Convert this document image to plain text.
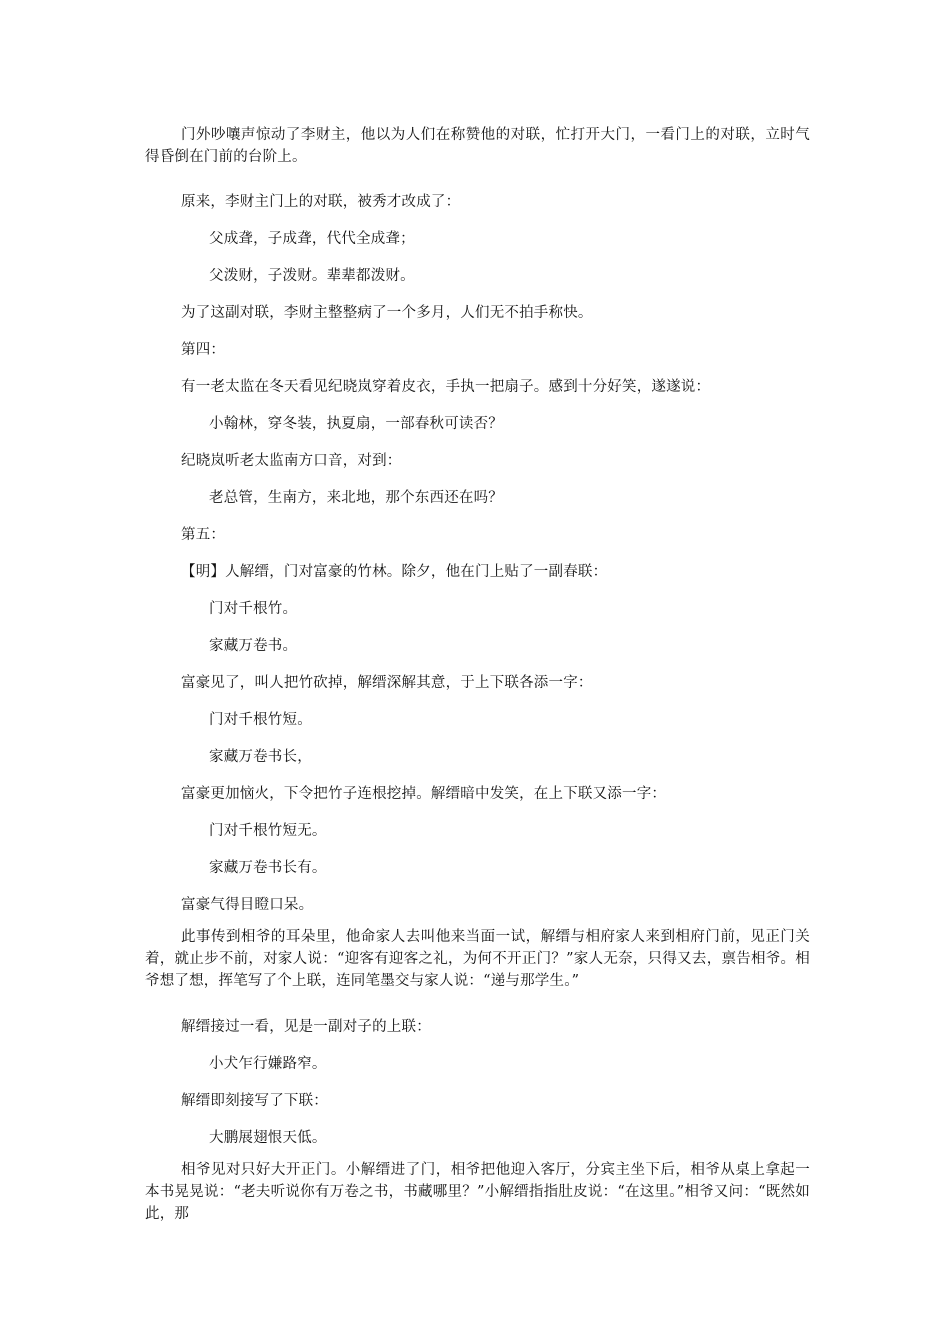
门外吵嚷声惊动了李财主，他以为人们在称赞他的对联，忙打开大门，一看门上的对联，立时气得昏倒在门前的台阶上。
原来，李财主门上的对联，被秀才改成了：
父成聋，子成聋，代代全成聋；
父泼财，子泼财。辈辈都泼财。
为了这副对联，李财主整整病了一个多月，人们无不拍手称快。
第四：
有一老太监在冬天看见纪晓岚穿着皮衣，手执一把扇子。感到十分好笑，遂遂说：
小翰林，穿冬装，执夏扇，一部春秋可读否？
纪晓岚听老太监南方口音，对到：
老总管，生南方，来北地，那个东西还在吗？
第五：
【明】人解缙，门对富豪的竹林。除夕，他在门上贴了一副春联：
门对千根竹。
家藏万卷书。
富豪见了，叫人把竹砍掉，解缙深解其意，于上下联各添一字：
门对千根竹短。
家藏万卷书长，
富豪更加恼火，下令把竹子连根挖掉。解缙暗中发笑，在上下联又添一字：
门对千根竹短无。
家藏万卷书长有。
富豪气得目瞪口呆。
此事传到相爷的耳朵里，他命家人去叫他来当面一试，解缙与相府家人来到相府门前，见正门关着，就止步不前，对家人说：“迎客有迎客之礼，为何不开正门？”家人无奈，只得又去，禀告相爷。相爷想了想，挥笔写了个上联，连同笔墨交与家人说：“递与那学生。”
解缙接过一看，见是一副对子的上联：
小犬乍行嫌路窄。
解缙即刻接写了下联：
大鹏展翅恨天低。
相爷见对只好大开正门。小解缙进了门，相爷把他迎入客厅，分宾主坐下后，相爷从桌上拿起一本书晃晃说：“老夫听说你有万卷之书，书藏哪里？”小解缙指指肚皮说：“在这里。”相爷又问：“既然如此，那
